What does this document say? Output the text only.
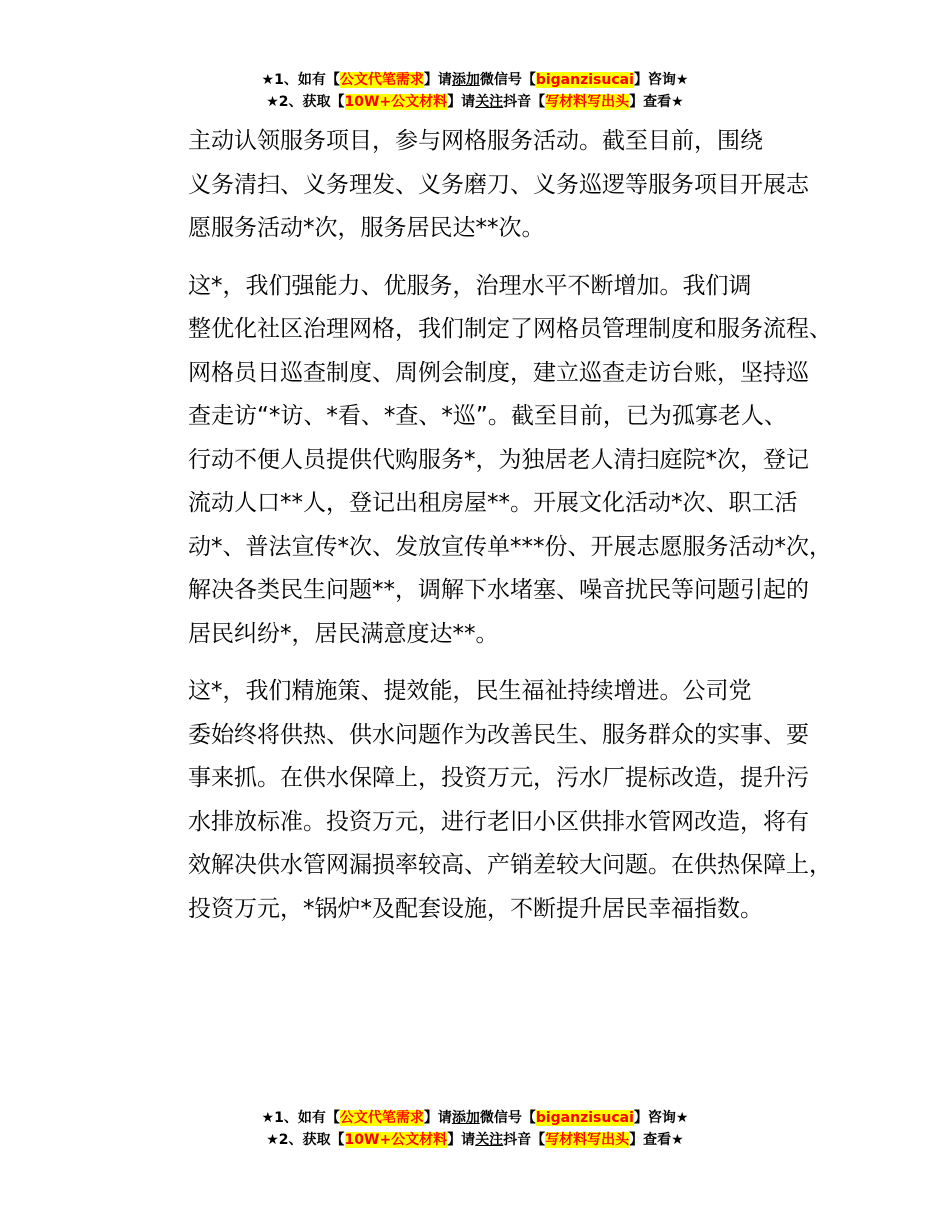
★1、如有【公文代笔需求】请添加微信号【biganzisucai】咨询★
★2、获取【10W+公文材料】请关注抖音【写材料写出头】查看★
主动认领服务项目，参与网格服务活动。截至目前，围绕
义务清扫、义务理发、义务磨刀、义务巡逻等服务项目开展志
愿服务活动*次，服务居民达**次。
这*，我们强能力、优服务，治理水平不断增加。我们调
整优化社区治理网格，我们制定了网格员管理制度和服务流程、
网格员日巡查制度、周例会制度，建立巡查走访台账，坚持巡
查走访“*访、*看、*查、*巡”。截至目前，已为孤寡老人、
行动不便人员提供代购服务*，为独居老人清扫庭院*次，登记
流动人口**人，登记出租房屋**。开展文化活动*次、职工活
动*、普法宣传*次、发放宣传单***份、开展志愿服务活动*次，
解决各类民生问题**，调解下水堵塞、噪音扰民等问题引起的
居民纠纷*，居民满意度达**。
这*，我们精施策、提效能，民生福祉持续增进。公司党
委始终将供热、供水问题作为改善民生、服务群众的实事、要
事来抓。在供水保障上，投资万元，污水厂提标改造，提升污
水排放标准。投资万元，进行老旧小区供排水管网改造，将有
效解决供水管网漏损率较高、产销差较大问题。在供热保障上，
投资万元，*锅炉*及配套设施，不断提升居民幸福指数。
★1、如有【公文代笔需求】请添加微信号【biganzisucai】咨询★
★2、获取【10W+公文材料】请关注抖音【写材料写出头】查看★
